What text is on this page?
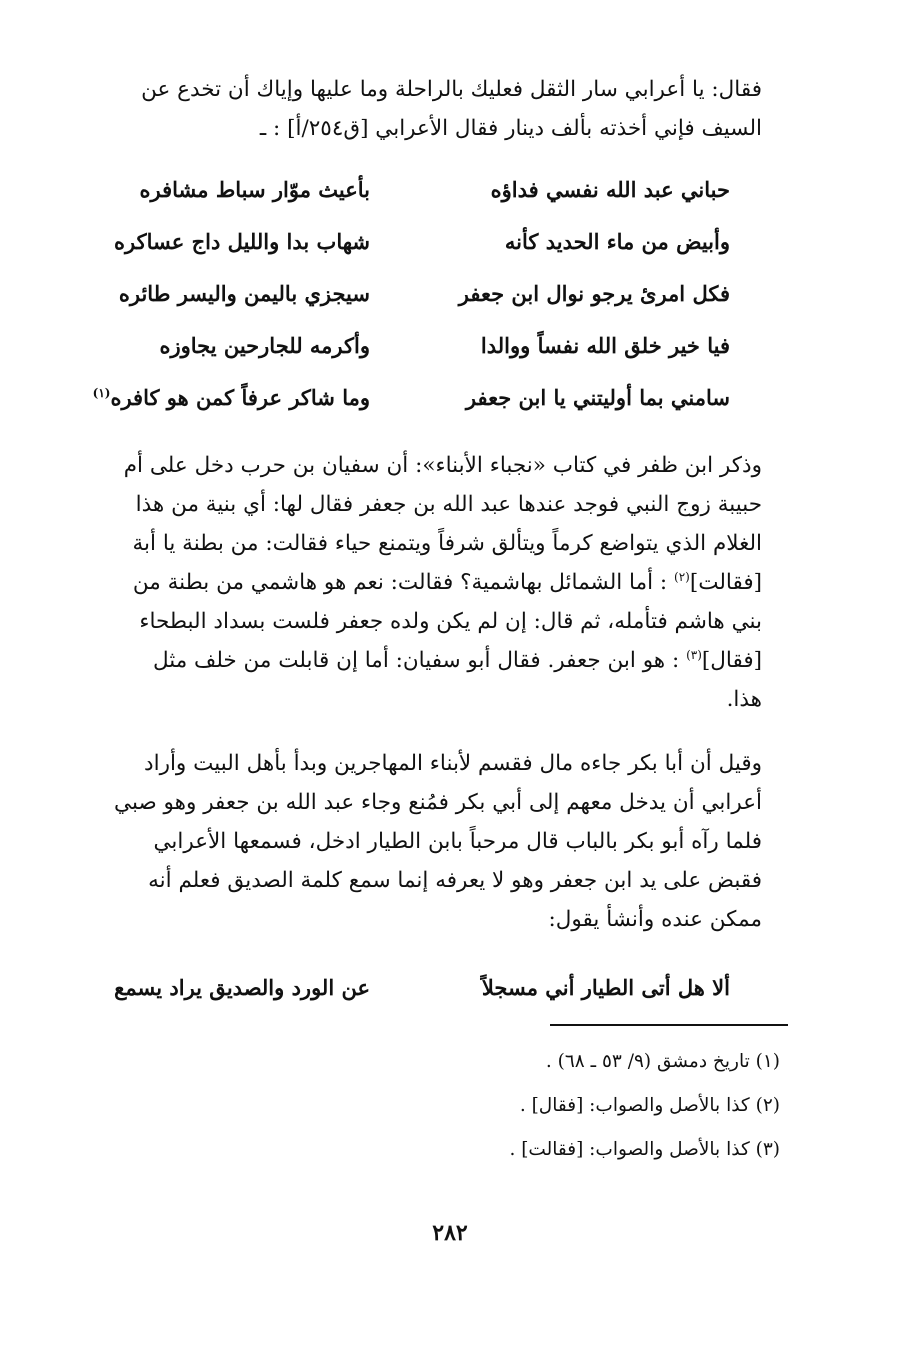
فقال: يا أعرابي سار الثقل فعليك بالراحلة وما عليها وإياك أن تخدع عن
السيف فإني أخذته بألف دينار فقال الأعرابي [ق٢٥٤/أ] : ـ

حباني عبد الله نفسي فداؤه
بأعيث موّار سباط مشافره
وأبيض من ماء الحديد كأنه
شهاب بدا والليل داج عساكره
فكل امرئ يرجو نوال ابن جعفر
سيجزي باليمن واليسر طائره
فيا خير خلق الله نفساً ووالدا
وأكرمه للجارحين يجاوزه
سامني بما أوليتني يا ابن جعفر
وما شاكر عرفاً كمن هو كافره$^{(١)}$

وذكر ابن ظفر في كتاب «نجباء الأبناء»: أن سفيان بن حرب دخل على أم
حبيبة زوج النبي فوجد عندها عبد الله بن جعفر فقال لها: أي بنية من هذا
الغلام الذي يتواضع كرماً ويتألق شرفاً ويتمنع حياء فقالت: من بطنة يا أبة
[فقالت]$^{(٢)}$ : أما الشمائل بهاشمية؟ فقالت: نعم هو هاشمي من بطنة من
بني هاشم فتأمله، ثم قال: إن لم يكن ولده جعفر فلست بسداد البطحاء
[فقال]$^{(٣)}$ : هو ابن جعفر. فقال أبو سفيان: أما إن قابلت من خلف مثل
هذا.

وقيل أن أبا بكر جاءه مال فقسم لأبناء المهاجرين وبدأ بأهل البيت وأراد
أعرابي أن يدخل معهم إلى أبي بكر فمُنع وجاء عبد الله بن جعفر وهو صبي
فلما رآه أبو بكر بالباب قال مرحباً بابن الطيار ادخل، فسمعها الأعرابي
فقبض على يد ابن جعفر وهو لا يعرفه إنما سمع كلمة الصديق فعلم أنه
ممكن عنده وأنشأ يقول:

ألا هل أتى الطيار أني مسجلاً
عن الورد والصديق يراد يسمع
(١) تاريخ دمشق (٩/ ٥٣ ـ ٦٨) .
(٢) كذا بالأصل والصواب: [فقال] .
(٣) كذا بالأصل والصواب: [فقالت] .
٢٨٢
